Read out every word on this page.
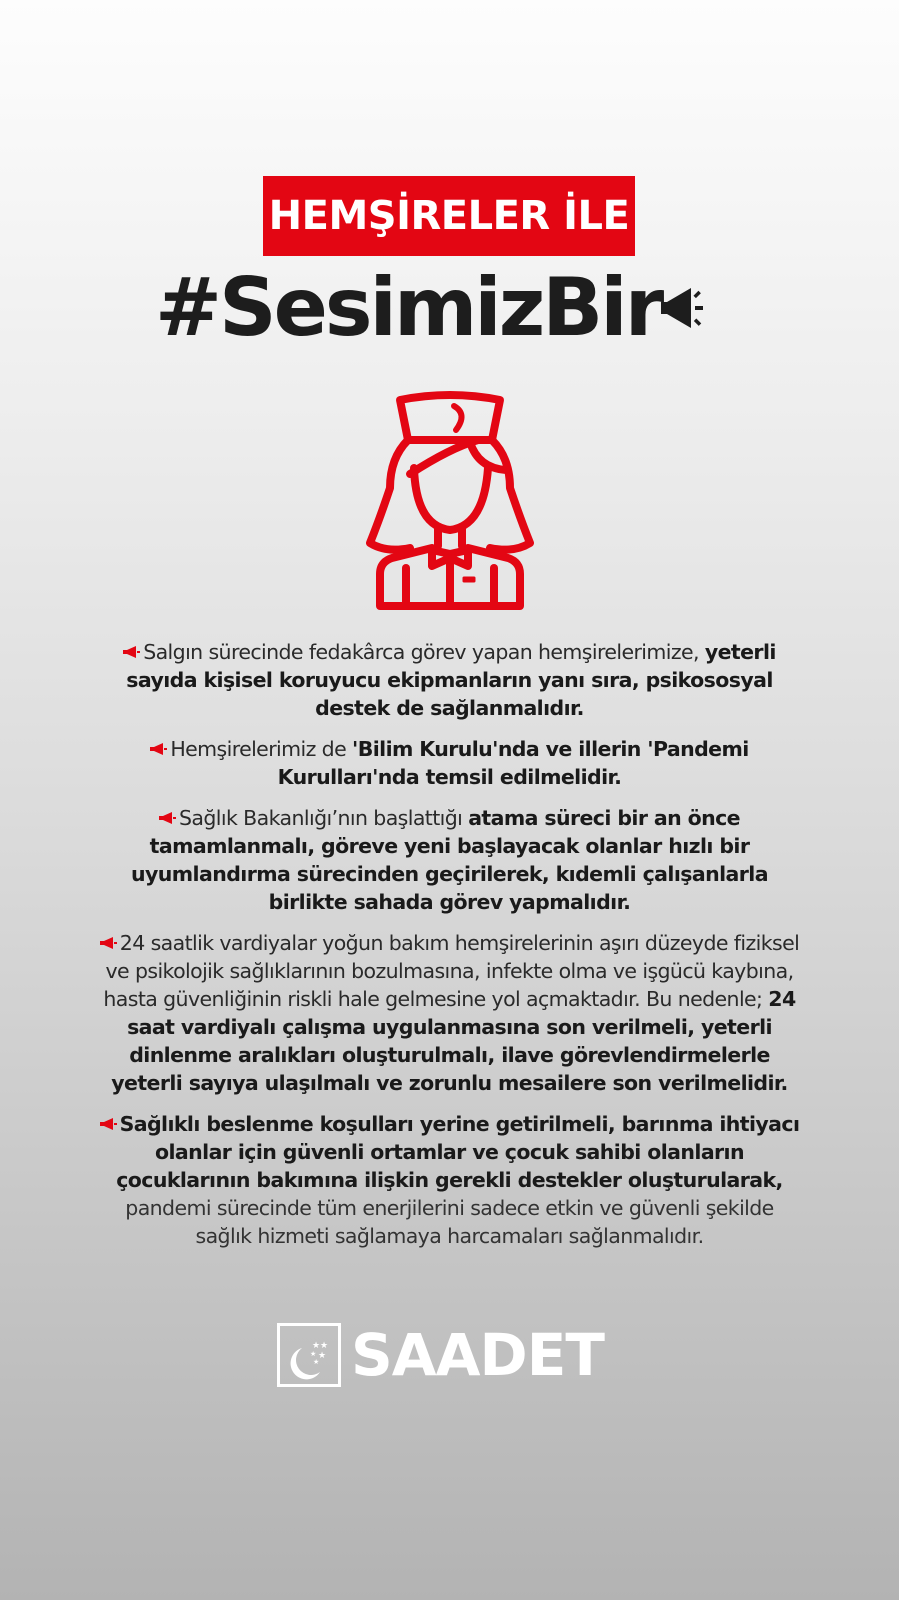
HEMŞİRELER İLE
#SesimizBir

Salgın sürecinde fedakârca görev yapan hemşirelerimize, yeterli sayıda kişisel koruyucu ekipmanların yanı sıra, psikososyal destek de sağlanmalıdır.

Hemşirelerimiz de 'Bilim Kurulu'nda ve illerin 'Pandemi Kurulları'nda temsil edilmelidir.

Sağlık Bakanlığı’nın başlattığı atama süreci bir an önce tamamlanmalı, göreve yeni başlayacak olanlar hızlı bir uyumlandırma sürecinden geçirilerek, kıdemli çalışanlarla birlikte sahada görev yapmalıdır.

24 saatlik vardiyalar yoğun bakım hemşirelerinin aşırı düzeyde fiziksel ve psikolojik sağlıklarının bozulmasına, infekte olma ve işgücü kaybına, hasta güvenliğinin riskli hale gelmesine yol açmaktadır. Bu nedenle; 24 saat vardiyalı çalışma uygulanmasına son verilmeli, yeterli dinlenme aralıkları oluşturulmalı, ilave görevlendirmelerle yeterli sayıya ulaşılmalı ve zorunlu mesailere son verilmelidir.

Sağlıklı beslenme koşulları yerine getirilmeli, barınma ihtiyacı olanlar için güvenli ortamlar ve çocuk sahibi olanların çocuklarının bakımına ilişkin gerekli destekler oluşturularak, pandemi sürecinde tüm enerjilerini sadece etkin ve güvenli şekilde sağlık hizmeti sağlamaya harcamaları sağlanmalıdır.

★ ★
★ ★
★ SAADET
